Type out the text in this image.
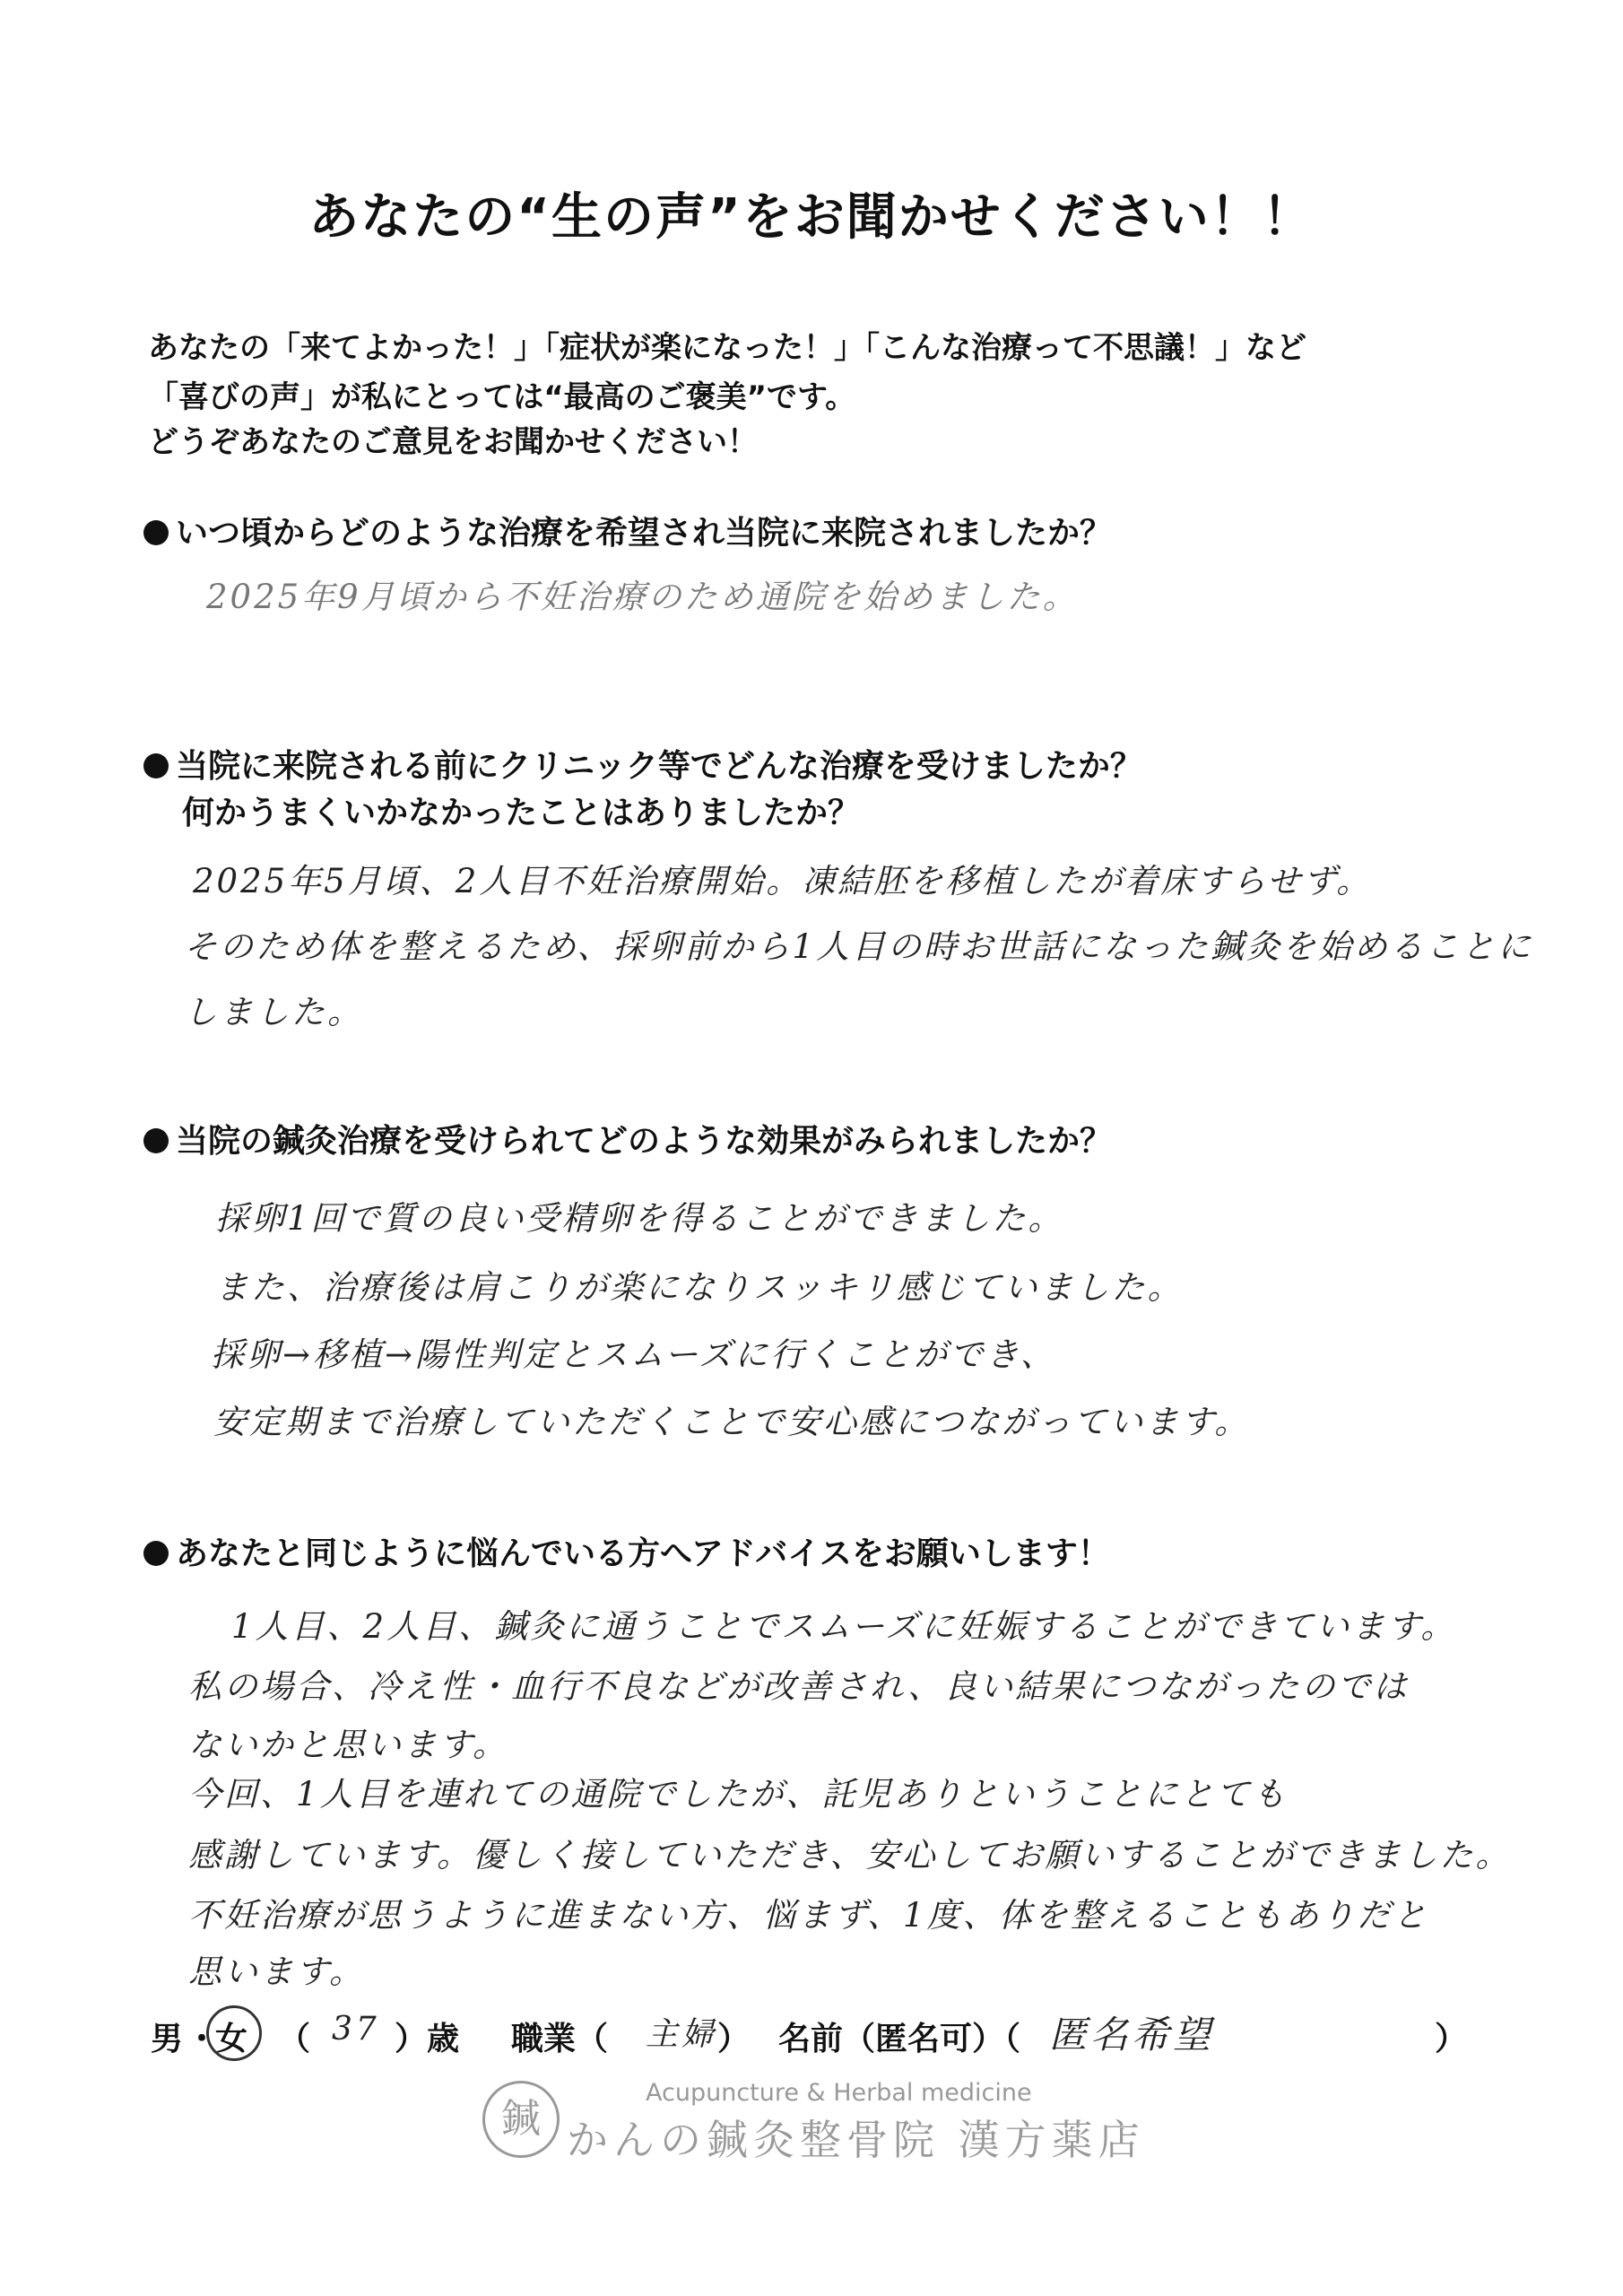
あなたの“生の声”をお聞かせください！！
あなたの「来てよかった！」「症状が楽になった！」「こんな治療って不思議！」など
「喜びの声」が私にとっては“最高のご褒美”です。
どうぞあなたのご意見をお聞かせください！
いつ頃からどのような治療を希望され当院に来院されましたか？
2025年9月頃から不妊治療のため通院を始めました。
当院に来院される前にクリニック等でどんな治療を受けましたか？
何かうまくいかなかったことはありましたか？
2025年5月頃、2人目不妊治療開始。凍結胚を移植したが着床すらせず。
そのため体を整えるため、採卵前から1人目の時お世話になった鍼灸を始めることに
しました。
当院の鍼灸治療を受けられてどのような効果がみられましたか？
採卵1回で質の良い受精卵を得ることができました。
また、治療後は肩こりが楽になりスッキリ感じていました。
採卵→移植→陽性判定とスムーズに行くことができ、
安定期まで治療していただくことで安心感につながっています。
あなたと同じように悩んでいる方へアドバイスをお願いします！
1人目、2人目、鍼灸に通うことでスムーズに妊娠することができています。
私の場合、冷え性・血行不良などが改善され、良い結果につながったのでは
ないかと思います。
今回、1人目を連れての通院でしたが、託児ありということにとても
感謝しています。優しく接していただき、安心してお願いすることができました。
不妊治療が思うように進まない方、悩まず、1度、体を整えることもありだと
思います。
男 ・
女 （ 37 ）歳 職業（ 主婦 ） 名前（匿名可）（ 匿名希望	）
鍼
Acupuncture & Herbal medicine
かんの鍼灸整骨院 漢方薬店
